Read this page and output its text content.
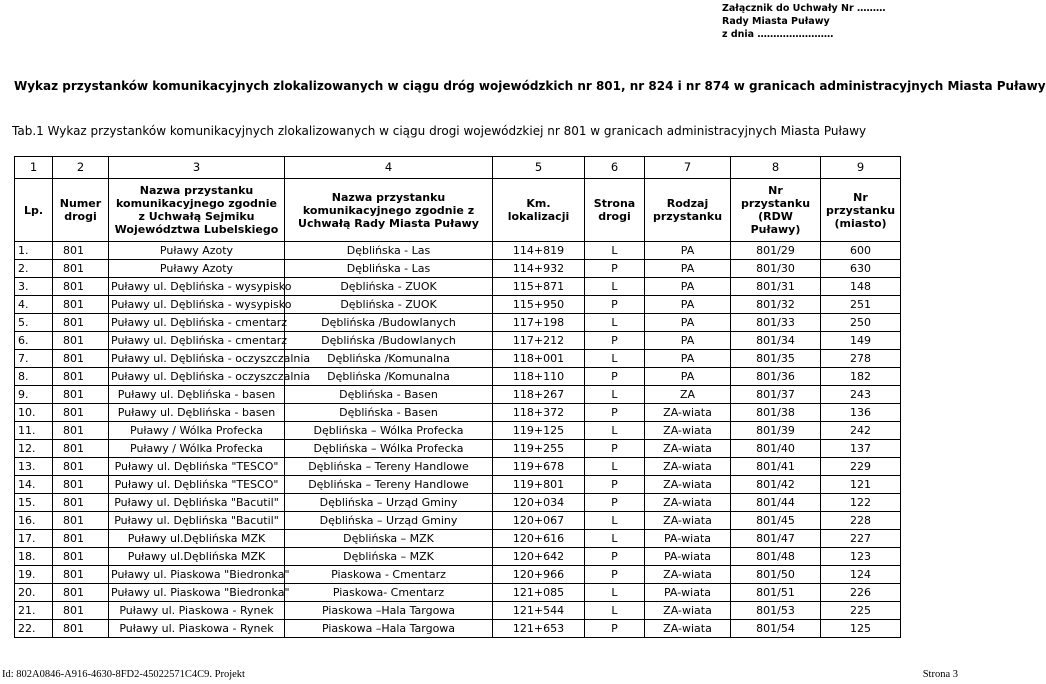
Załącznik do Uchwały Nr ………
Rady Miasta Puławy
z dnia ……………………
Wykaz przystanków komunikacyjnych zlokalizowanych w ciągu dróg wojewódzkich nr 801, nr 824 i nr 874 w granicach administracyjnych Miasta Puławy
Tab.1 Wykaz przystanków komunikacyjnych zlokalizowanych w ciągu drogi wojewódzkiej nr 801 w granicach administracyjnych Miasta Puławy
1	2	3	4	5	6	7	8	9
Lp.	Numer drogi	Nazwa przystanku komunikacyjnego zgodnie z Uchwałą Sejmiku Województwa Lubelskiego	Nazwa przystanku komunikacyjnego zgodnie z Uchwałą Rady Miasta Puławy	Km. lokalizacji	Strona drogi	Rodzaj przystanku	Nr przystanku (RDW Puławy)	Nr przystanku (miasto)
1.	801	Puławy Azoty	Dęblińska - Las	114+819	L	PA	801/29	600
2.	801	Puławy Azoty	Dęblińska - Las	114+932	P	PA	801/30	630
3.	801	Puławy ul. Dęblińska - wysypisko	Dęblińska - ZUOK	115+871	L	PA	801/31	148
4.	801	Puławy ul. Dęblińska - wysypisko	Dęblińska - ZUOK	115+950	P	PA	801/32	251
5.	801	Puławy ul. Dęblińska - cmentarz	Dęblińska /Budowlanych	117+198	L	PA	801/33	250
6.	801	Puławy ul. Dęblińska - cmentarz	Dęblińska /Budowlanych	117+212	P	PA	801/34	149
7.	801	Puławy ul. Dęblińska - oczyszczalnia	Dęblińska /Komunalna	118+001	L	PA	801/35	278
8.	801	Puławy ul. Dęblińska - oczyszczalnia	Dęblińska /Komunalna	118+110	P	PA	801/36	182
9.	801	Puławy ul. Dęblińska - basen	Dęblińska - Basen	118+267	L	ZA	801/37	243
10.	801	Puławy ul. Dęblińska - basen	Dęblińska - Basen	118+372	P	ZA-wiata	801/38	136
11.	801	Puławy / Wólka Profecka	Dęblińska – Wólka Profecka	119+125	L	ZA-wiata	801/39	242
12.	801	Puławy / Wólka Profecka	Dęblińska – Wólka Profecka	119+255	P	ZA-wiata	801/40	137
13.	801	Puławy ul. Dęblińska "TESCO"	Dęblińska – Tereny Handlowe	119+678	L	ZA-wiata	801/41	229
14.	801	Puławy ul. Dęblińska "TESCO"	Dęblińska – Tereny Handlowe	119+801	P	ZA-wiata	801/42	121
15.	801	Puławy ul. Dęblińska "Bacutil"	Dęblińska – Urząd Gminy	120+034	P	ZA-wiata	801/44	122
16.	801	Puławy ul. Dęblińska "Bacutil"	Dęblińska – Urząd Gminy	120+067	L	ZA-wiata	801/45	228
17.	801	Puławy ul.Dęblińska MZK	Dęblińska – MZK	120+616	L	PA-wiata	801/47	227
18.	801	Puławy ul.Dęblińska MZK	Dęblińska – MZK	120+642	P	PA-wiata	801/48	123
19.	801	Puławy ul. Piaskowa "Biedronka"	Piaskowa - Cmentarz	120+966	P	ZA-wiata	801/50	124
20.	801	Puławy ul. Piaskowa "Biedronka"	Piaskowa- Cmentarz	121+085	L	PA-wiata	801/51	226
21.	801	Puławy ul. Piaskowa - Rynek	Piaskowa –Hala Targowa	121+544	L	ZA-wiata	801/53	225
22.	801	Puławy ul. Piaskowa - Rynek	Piaskowa –Hala Targowa	121+653	P	ZA-wiata	801/54	125
Id: 802A0846-A916-4630-8FD2-45022571C4C9. Projekt	Strona 3
